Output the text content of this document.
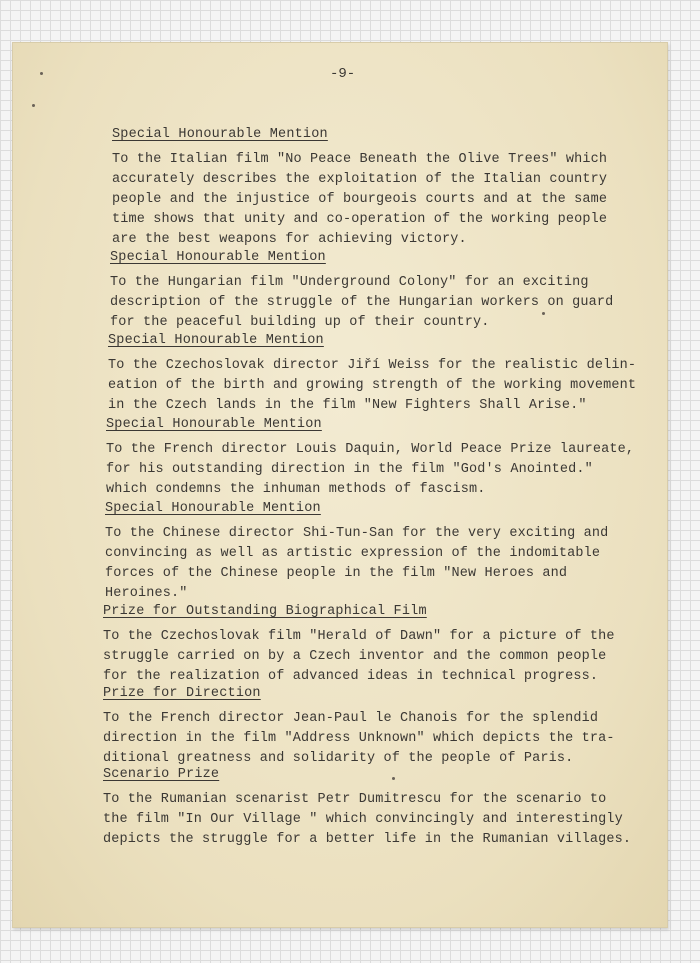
-9-
Special Honourable Mention
To the Italian film "No Peace Beneath the Olive Trees" which
accurately describes the exploitation of the Italian country
people and the injustice of bourgeois courts and at the same
time shows that unity and co-operation of the working people
are the best weapons for achieving victory.
Special Honourable Mention
To the Hungarian film "Underground Colony" for an exciting
description of the struggle of the Hungarian workers on guard
for the peaceful building up of their country.
Special Honourable Mention
To the Czechoslovak director Jiří Weiss for the realistic delin-
eation of the birth and growing strength of the working movement
in the Czech lands in the film "New Fighters Shall Arise."
Special Honourable Mention
To the French director Louis Daquin, World Peace Prize laureate,
for his outstanding direction in the film "God's Anointed."
which condemns the inhuman methods of fascism.
Special Honourable Mention
To the Chinese director Shi-Tun-San for the very exciting and
convincing as well as artistic expression of the indomitable
forces of the Chinese people in the film "New Heroes and
Heroines."
Prize for Outstanding Biographical Film
To the Czechoslovak film "Herald of Dawn" for a picture of the
struggle carried on by a Czech inventor and the common people
for the realization of advanced ideas in technical progress.
Prize for Direction
To the French director Jean-Paul le Chanois for the splendid
direction in the film "Address Unknown" which depicts the tra-
ditional greatness and solidarity of the people of Paris.
Scenario Prize
To the Rumanian scenarist Petr Dumitrescu for the scenario to
the film "In Our Village " which convincingly and interestingly
depicts the struggle for a better life in the Rumanian villages.
